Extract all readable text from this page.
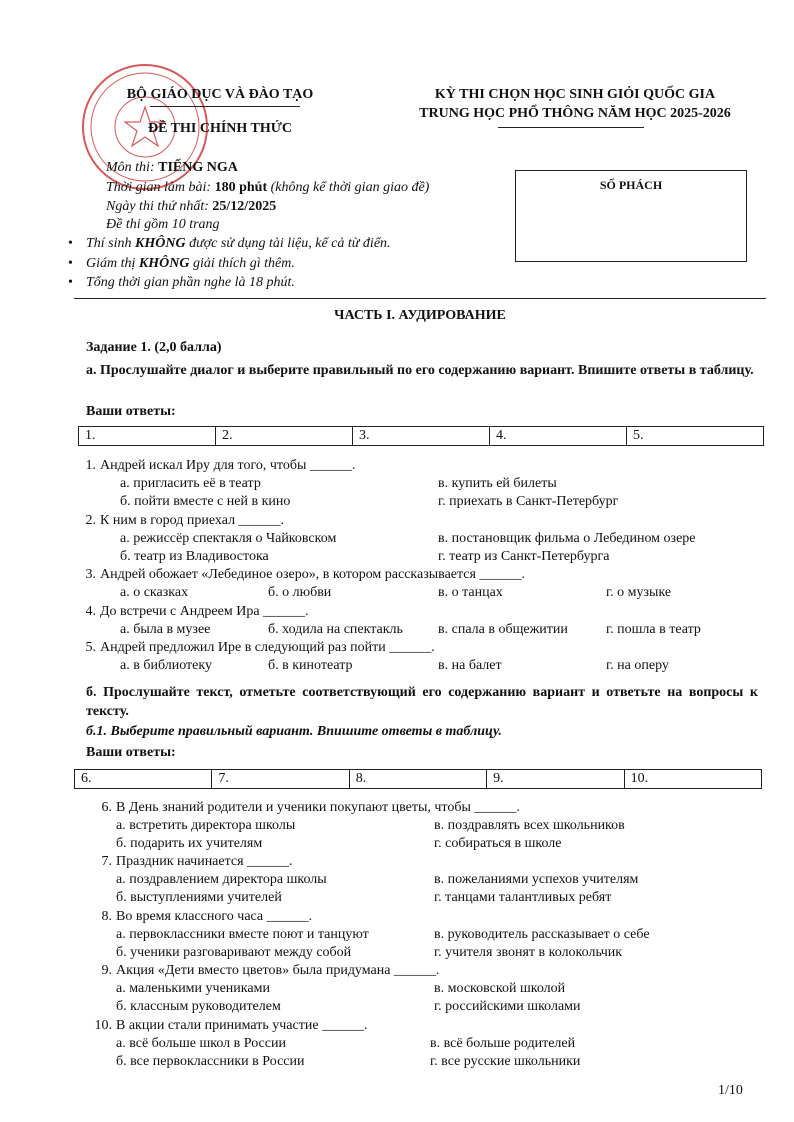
BỘ GIÁO DỤC VÀ ĐÀO TẠO
ĐỀ THI CHÍNH THỨC
KỲ THI CHỌN HỌC SINH GIỎI QUỐC GIA
TRUNG HỌC PHỔ THÔNG NĂM HỌC 2025-2026
Môn thi: TIẾNG NGA
Thời gian làm bài: 180 phút (không kể thời gian giao đề)
Ngày thi thứ nhất: 25/12/2025
Đề thi gồm 10 trang
• Thí sinh KHÔNG được sử dụng tài liệu, kể cả từ điển.
• Giám thị KHÔNG giải thích gì thêm.
• Tổng thời gian phần nghe là 18 phút.
SỐ PHÁCH
ЧАСТЬ I. АУДИРОВАНИЕ
Задание 1. (2,0 балла)
а. Прослушайте диалог и выберите правильный по его содержанию вариант. Впишите ответы в таблицу.
Ваши ответы:
1.	2.	3.	4.	5.
1. Андрей искал Иру для того, чтобы ______.
а. пригласить её в театр	в. купить ей билеты
б. пойти вместе с ней в кино	г. приехать в Санкт-Петербург
2. К ним в город приехал ______.
а. режиссёр спектакля о Чайковском	в. постановщик фильма о Лебедином озере
б. театр из Владивостока	г. театр из Санкт-Петербурга
3. Андрей обожает «Лебединое озеро», в котором рассказывается ______.
а. о сказках	б. о любви	в. о танцах	г. о музыке
4. До встречи с Андреем Ира ______.
а. была в музее	б. ходила на спектакль	в. спала в общежитии	г. пошла в театр
5. Андрей предложил Ире в следующий раз пойти ______.
а. в библиотеку	б. в кинотеатр	в. на балет	г. на оперу
б. Прослушайте текст, отметьте соответствующий его содержанию вариант и ответьте на вопросы к тексту.
б.1. Выберите правильный вариант. Впишите ответы в таблицу.
Ваши ответы:
6.	7.	8.	9.	10.
6. В День знаний родители и ученики покупают цветы, чтобы ______.
а. встретить директора школы	в. поздравлять всех школьников
б. подарить их учителям	г. собираться в школе
7. Праздник начинается ______.
а. поздравлением директора школы	в. пожеланиями успехов учителям
б. выступлениями учителей	г. танцами талантливых ребят
8. Во время классного часа ______.
а. первоклассники вместе поют и танцуют	в. руководитель рассказывает о себе
б. ученики разговаривают между собой	г. учителя звонят в колокольчик
9. Акция «Дети вместо цветов» была придумана ______.
а. маленькими учениками	в. московской школой
б. классным руководителем	г. российскими школами
10. В акции стали принимать участие ______.
а. всё больше школ в России	в. всё больше родителей
б. все первоклассники в России	г. все русские школьники
1/10
